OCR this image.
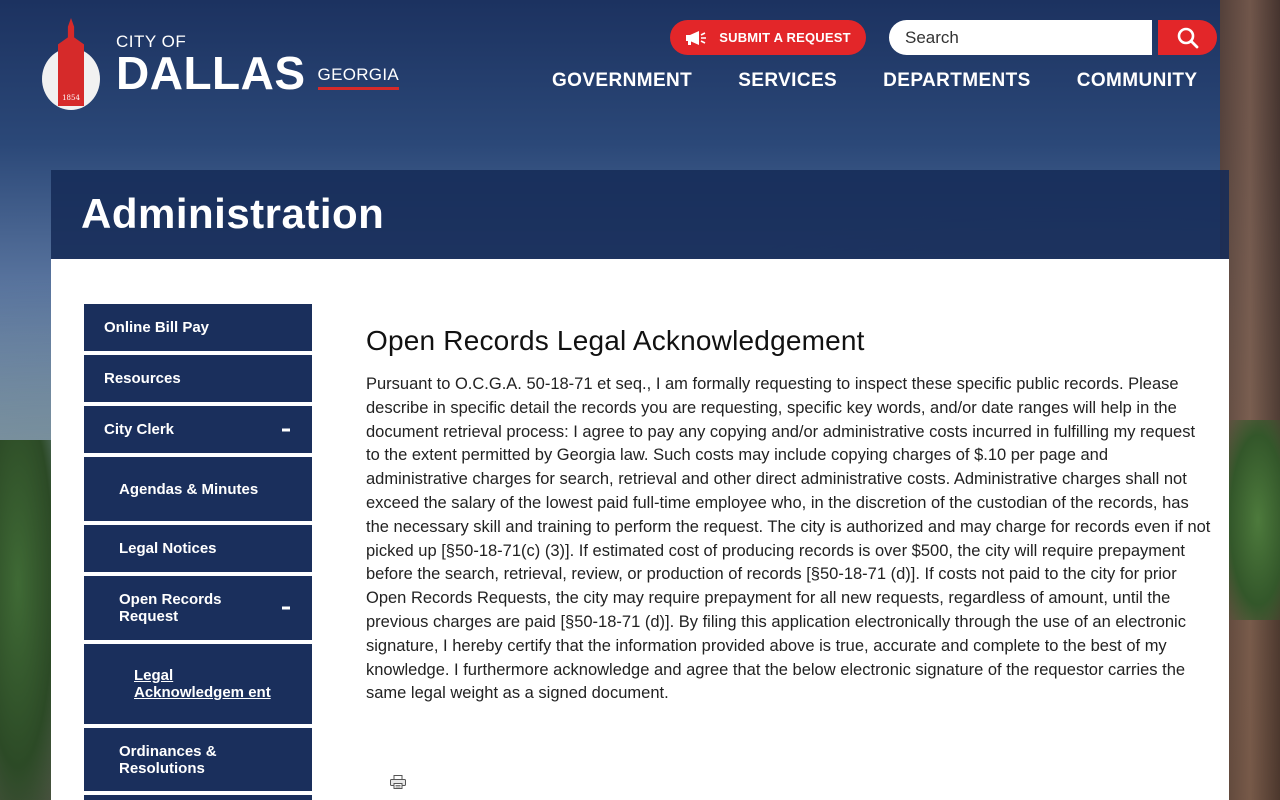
1854
CITY OF
DALLAS GEORGIA
SUBMIT A REQUEST
Search
GOVERNMENT SERVICES DEPARTMENTS COMMUNITY
Administration
Online Bill Pay
Resources
City Clerk
Agendas & Minutes
Legal Notices
Open Records Request
Legal Acknowledgem ent
Ordinances & Resolutions
Open Records Legal Acknowledgement

Pursuant to O.C.G.A. 50-18-71 et seq., I am formally requesting to inspect these specific public records. Please describe in specific detail the records you are requesting, specific key words, and/or date ranges will help in the document retrieval process: I agree to pay any copying and/or administrative costs incurred in fulfilling my request to the extent permitted by Georgia law. Such costs may include copying charges of $.10 per page and administrative charges for search, retrieval and other direct administrative costs. Administrative charges shall not exceed the salary of the lowest paid full-time employee who, in the discretion of the custodian of the records, has the necessary skill and training to perform the request. The city is authorized and may charge for records even if not picked up [§50-18-71(c) (3)]. If estimated cost of producing records is over $500, the city will require prepayment before the search, retrieval, review, or production of records [§50-18-71 (d)]. If costs not paid to the city for prior Open Records Requests, the city may require prepayment for all new requests, regardless of amount, until the previous charges are paid [§50-18-71 (d)]. By filing this application electronically through the use of an electronic signature, I hereby certify that the information provided above is true, accurate and complete to the best of my knowledge. I furthermore acknowledge and agree that the below electronic signature of the requestor carries the same legal weight as a signed document.
